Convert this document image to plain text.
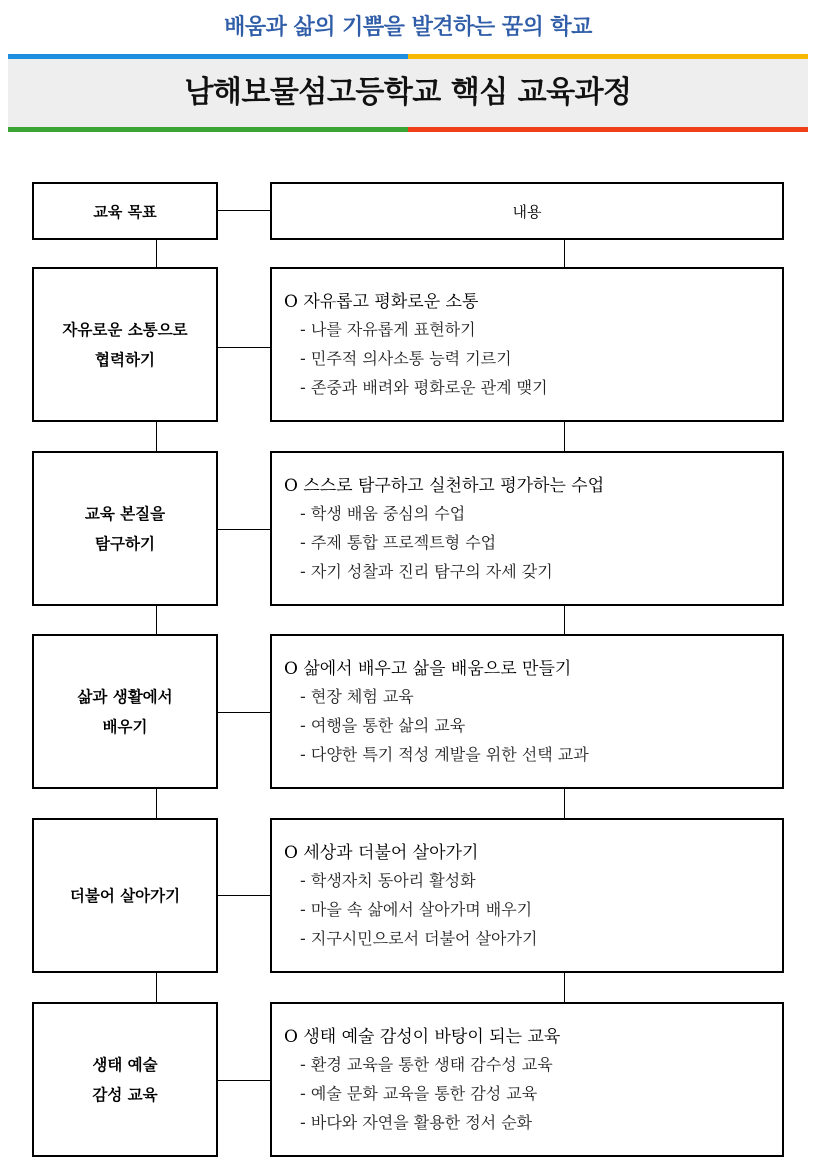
배움과 삶의 기쁨을 발견하는 꿈의 학교
남해보물섬고등학교 핵심 교육과정
교육 목표	내용
자유로운 소통으로
협력하기
O 자유롭고 평화로운 소통
- 나를 자유롭게 표현하기
- 민주적 의사소통 능력 기르기
- 존중과 배려와 평화로운 관계 맺기
교육 본질을
탐구하기
O 스스로 탐구하고 실천하고 평가하는 수업
- 학생 배움 중심의 수업
- 주제 통합 프로젝트형 수업
- 자기 성찰과 진리 탐구의 자세 갖기
삶과 생활에서
배우기
O 삶에서 배우고 삶을 배움으로 만들기
- 현장 체험 교육
- 여행을 통한 삶의 교육
- 다양한 특기 적성 계발을 위한 선택 교과
더불어 살아가기
O 세상과 더불어 살아가기
- 학생자치 동아리 활성화
- 마을 속 삶에서 살아가며 배우기
- 지구시민으로서 더불어 살아가기
생태 예술
감성 교육
O 생태 예술 감성이 바탕이 되는 교육
- 환경 교육을 통한 생태 감수성 교육
- 예술 문화 교육을 통한 감성 교육
- 바다와 자연을 활용한 정서 순화
